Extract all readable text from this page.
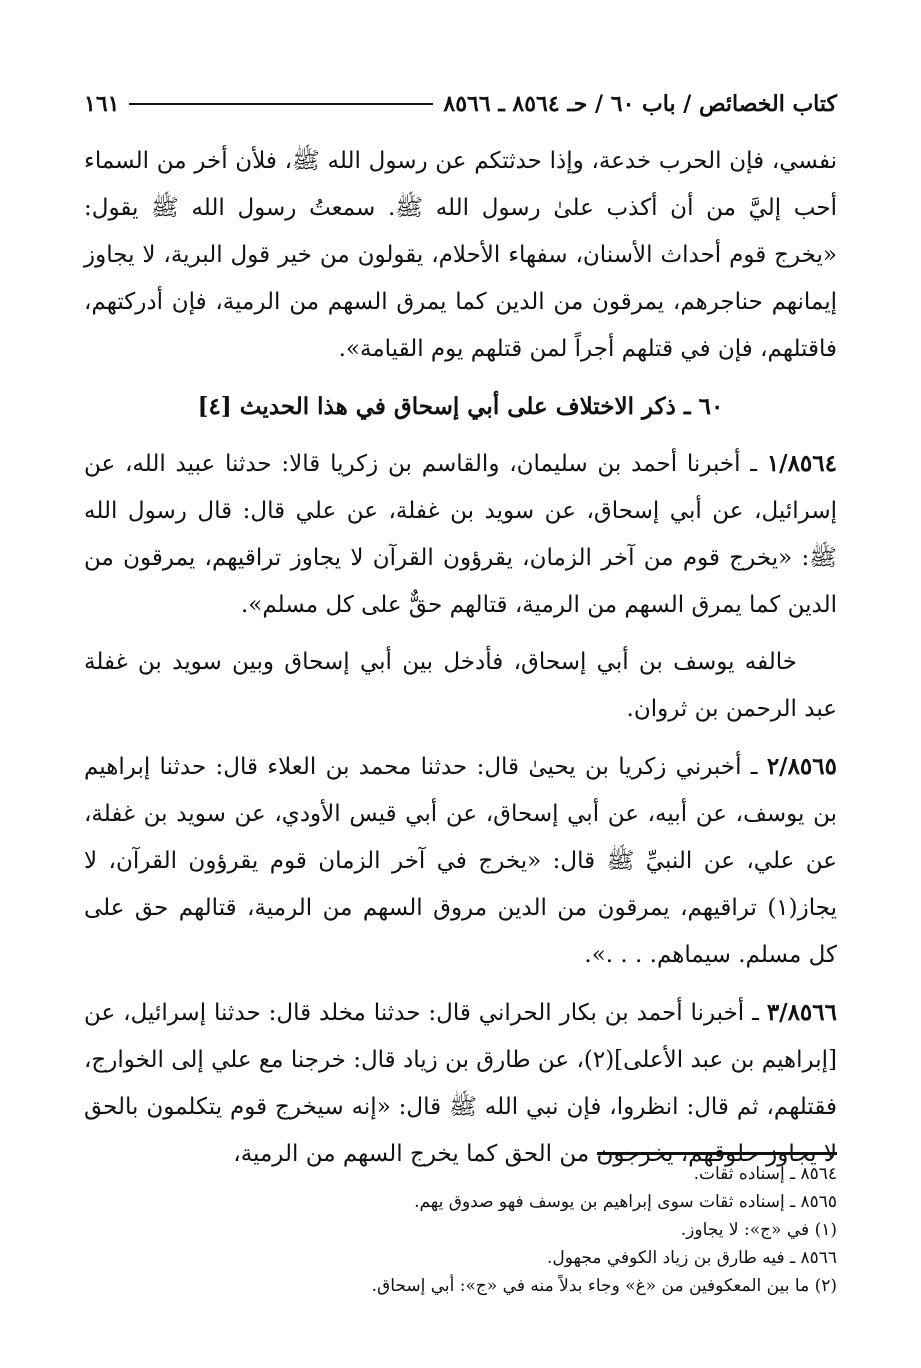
كتاب الخصائص / باب ٦٠ / حـ ٨٥٦٤ ـ ٨٥٦٦
١٦١

نفسي، فإن الحرب خدعة، وإذا حدثتكم عن رسول الله ﷺ، فلأن أخر من السماء أحب إليَّ من أن أكذب علىٰ رسول الله ﷺ. سمعتُ رسول الله ﷺ يقول: «يخرج قوم أحداث الأسنان، سفهاء الأحلام، يقولون من خير قول البرية، لا يجاوز إيمانهم حناجرهم، يمرقون من الدين كما يمرق السهم من الرمية، فإن أدركتهم، فاقتلهم، فإن في قتلهم أجراً لمن قتلهم يوم القيامة».

٦٠ ـ ذكر الاختلاف على أبي إسحاق في هذا الحديث [٤]

١/٨٥٦٤ ـ أخبرنا أحمد بن سليمان، والقاسم بن زكريا قالا: حدثنا عبيد الله، عن إسرائيل، عن أبي إسحاق، عن سويد بن غفلة، عن علي قال: قال رسول الله ﷺ: «يخرج قوم من آخر الزمان، يقرؤون القرآن لا يجاوز تراقيهم، يمرقون من الدين كما يمرق السهم من الرمية، قتالهم حقٌّ على كل مسلم».

خالفه يوسف بن أبي إسحاق، فأدخل بين أبي إسحاق وبين سويد بن غفلة عبد الرحمن بن ثروان.

٢/٨٥٦٥ ـ أخبرني زكريا بن يحيىٰ قال: حدثنا محمد بن العلاء قال: حدثنا إبراهيم بن يوسف، عن أبيه، عن أبي إسحاق، عن أبي قيس الأودي، عن سويد بن غفلة، عن علي، عن النبيِّ ﷺ قال: «يخرج في آخر الزمان قوم يقرؤون القرآن، لا يجاز(١) تراقيهم، يمرقون من الدين مروق السهم من الرمية، قتالهم حق على كل مسلم. سيماهم. . . .».

٣/٨٥٦٦ ـ أخبرنا أحمد بن بكار الحراني قال: حدثنا مخلد قال: حدثنا إسرائيل، عن [إبراهيم بن عبد الأعلى](٢)، عن طارق بن زياد قال: خرجنا مع علي إلى الخوارج، فقتلهم، ثم قال: انظروا، فإن نبي الله ﷺ قال: «إنه سيخرج قوم يتكلمون بالحق لا يجاوز حلوقهم، يخرجون من الحق كما يخرج السهم من الرمية،

٨٥٦٤ ـ إسناده ثقات.
٨٥٦٥ ـ إسناده ثقات سوى إبراهيم بن يوسف فهو صدوق يهم.
(١) في «ج»: لا يجاوز.
٨٥٦٦ ـ فيه طارق بن زياد الكوفي مجهول.
(٢) ما بين المعكوفين من «غ» وجاء بدلاً منه في «ج»: أبي إسحاق.
